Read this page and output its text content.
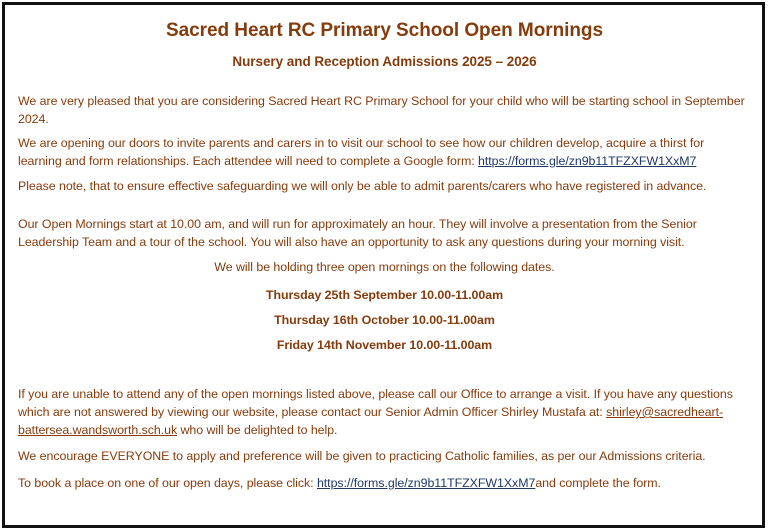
Sacred Heart RC Primary School Open Mornings
Nursery and Reception Admissions 2025 – 2026

We are very pleased that you are considering Sacred Heart RC Primary School for your child who will be starting school in September 2024.

We are opening our doors to invite parents and carers in to visit our school to see how our children develop, acquire a thirst for learning and form relationships. Each attendee will need to complete a Google form: https://forms.gle/zn9b11TFZXFW1XxM7

Please note, that to ensure effective safeguarding we will only be able to admit parents/carers who have registered in advance.

Our Open Mornings start at 10.00 am, and will run for approximately an hour. They will involve a presentation from the Senior Leadership Team and a tour of the school. You will also have an opportunity to ask any questions during your morning visit.

We will be holding three open mornings on the following dates.

Thursday 25th September 10.00-11.00am

Thursday 16th October 10.00-11.00am

Friday 14th November 10.00-11.00am

If you are unable to attend any of the open mornings listed above, please call our Office to arrange a visit. If you have any questions which are not answered by viewing our website, please contact our Senior Admin Officer Shirley Mustafa at: shirley@sacredheart-battersea.wandsworth.sch.uk who will be delighted to help.

We encourage EVERYONE to apply and preference will be given to practicing Catholic families, as per our Admissions criteria.

To book a place on one of our open days, please click: https://forms.gle/zn9b11TFZXFW1XxM7and complete the form.
